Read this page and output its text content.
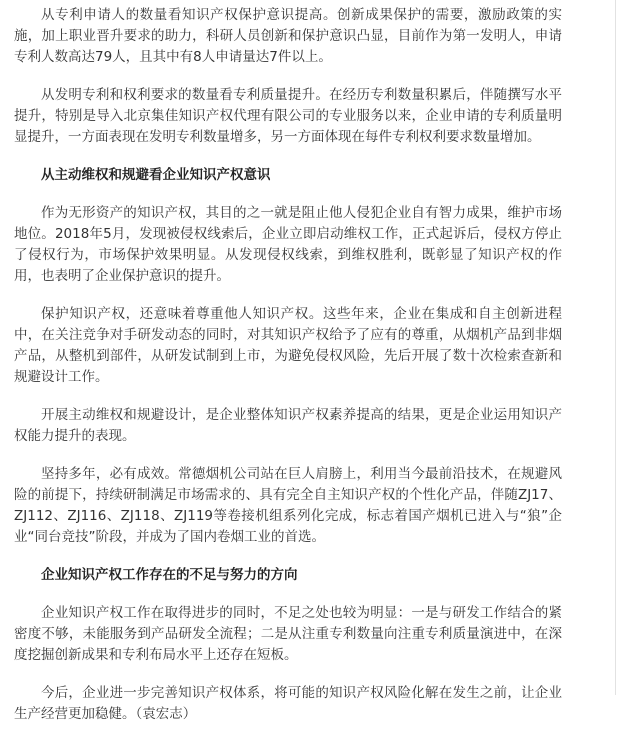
从专利申请人的数量看知识产权保护意识提高。创新成果保护的需要，激励政策的实施，加上职业晋升要求的助力，科研人员创新和保护意识凸显，目前作为第一发明人，申请专利人数高达79人，且其中有8人申请量达7件以上。

从发明专利和权利要求的数量看专利质量提升。在经历专利数量积累后，伴随撰写水平提升，特别是导入北京集佳知识产权代理有限公司的专业服务以来，企业申请的专利质量明显提升，一方面表现在发明专利数量增多，另一方面体现在每件专利权利要求数量增加。

从主动维权和规避看企业知识产权意识

作为无形资产的知识产权，其目的之一就是阻止他人侵犯企业自有智力成果，维护市场地位。2018年5月，发现被侵权线索后，企业立即启动维权工作，正式起诉后，侵权方停止了侵权行为，市场保护效果明显。从发现侵权线索，到维权胜利，既彰显了知识产权的作用，也表明了企业保护意识的提升。

保护知识产权，还意味着尊重他人知识产权。这些年来，企业在集成和自主创新进程中，在关注竞争对手研发动态的同时，对其知识产权给予了应有的尊重，从烟机产品到非烟产品，从整机到部件，从研发试制到上市，为避免侵权风险，先后开展了数十次检索查新和规避设计工作。

开展主动维权和规避设计，是企业整体知识产权素养提高的结果，更是企业运用知识产权能力提升的表现。

坚持多年，必有成效。常德烟机公司站在巨人肩膀上，利用当今最前沿技术，在规避风险的前提下，持续研制满足市场需求的、具有完全自主知识产权的个性化产品，伴随ZJ17、ZJ112、ZJ116、ZJ118、ZJ119等卷接机组系列化完成，标志着国产烟机已进入与“狼”企业“同台竞技”阶段，并成为了国内卷烟工业的首选。

企业知识产权工作存在的不足与努力的方向

企业知识产权工作在取得进步的同时，不足之处也较为明显：一是与研发工作结合的紧密度不够，未能服务到产品研发全流程；二是从注重专利数量向注重专利质量演进中，在深度挖掘创新成果和专利布局水平上还存在短板。

今后，企业进一步完善知识产权体系，将可能的知识产权风险化解在发生之前，让企业生产经营更加稳健。（袁宏志）
